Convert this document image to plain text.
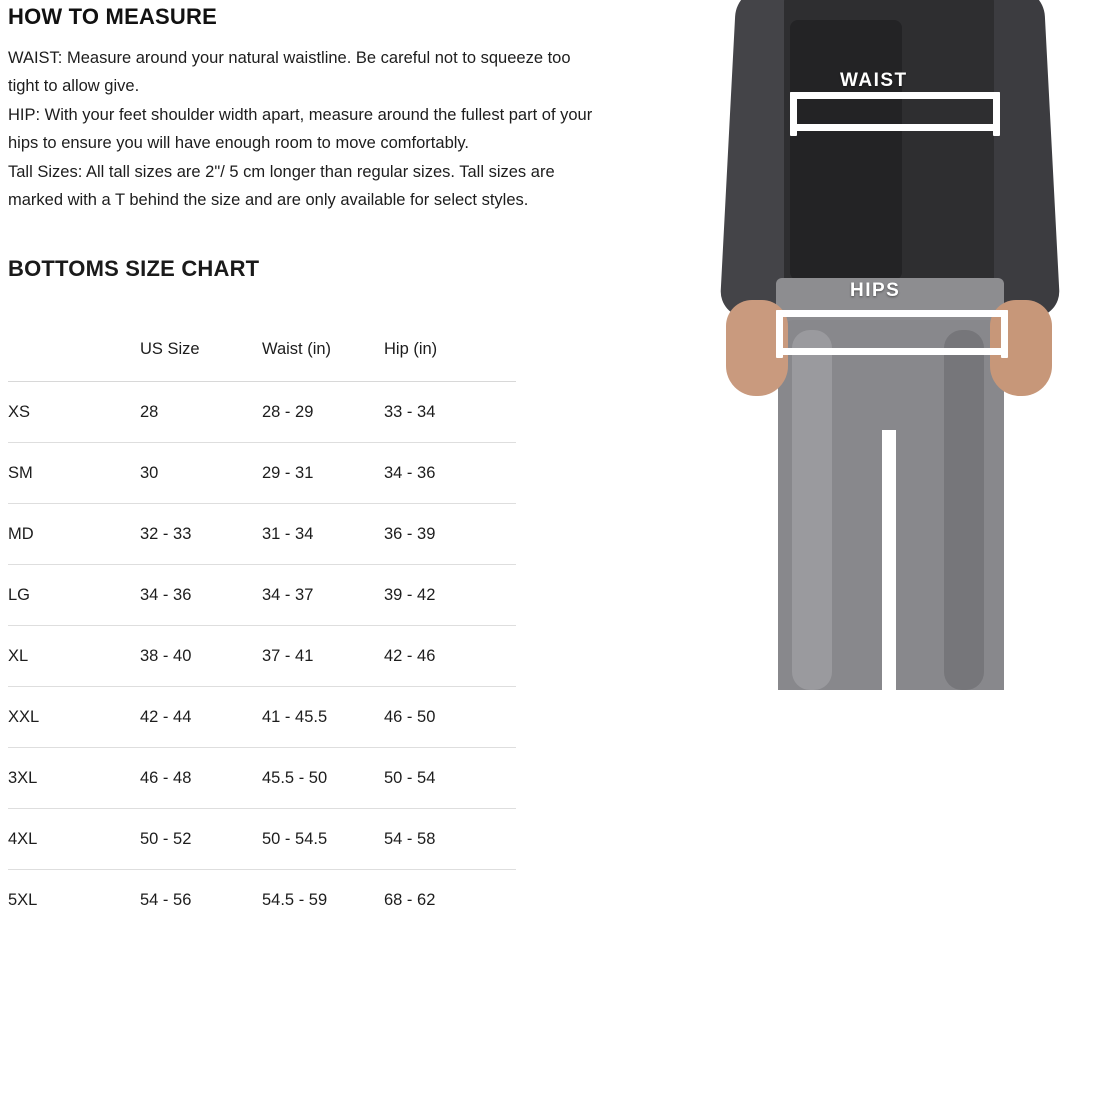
HOW TO MEASURE

WAIST: Measure around your natural waistline. Be careful not to squeeze too tight to allow give.

HIP: With your feet shoulder width apart, measure around the fullest part of your hips to ensure you will have enough room to move comfortably.

Tall Sizes: All tall sizes are 2"/ 5 cm longer than regular sizes. Tall sizes are marked with a T behind the size and are only available for select styles.

BOTTOMS SIZE CHART
	US Size	Waist (in)	Hip (in)
XS	28	28 - 29	33 - 34
SM	30	29 - 31	34 - 36
MD	32 - 33	31 - 34	36 - 39
LG	34 - 36	34 - 37	39 - 42
XL	38 - 40	37 - 41	42 - 46
XXL	42 - 44	41 - 45.5	46 - 50
3XL	46 - 48	45.5 - 50	50 - 54
4XL	50 - 52	50 - 54.5	54 - 58
5XL	54 - 56	54.5 - 59	68 - 62
WAIST
HIPS
